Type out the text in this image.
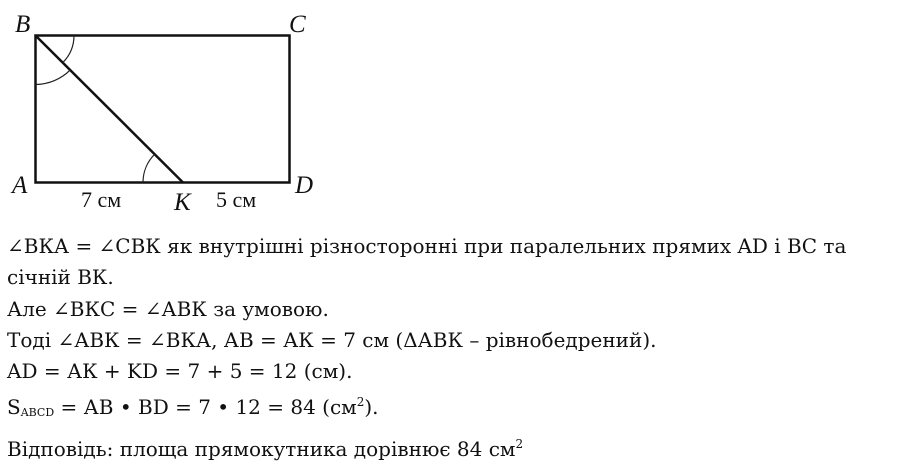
B	C
A	D
K
7 см	5 см
∠ВКА = ∠СВК як внутрішні різносторонні при паралельних прямих AD і ВС та
січній ВК.
Але ∠ВКС = ∠АВК за умовою.
Тоді ∠АВК = ∠ВКА, АВ = АК = 7 см (ΔАВК – рівнобедрений).
AD = АК + KD = 7 + 5 = 12 (см).
SABCD = АВ • BD = 7 • 12 = 84 $(см^2)$.
Відповідь: площа прямокутника дорівнює 84 $см^2$
